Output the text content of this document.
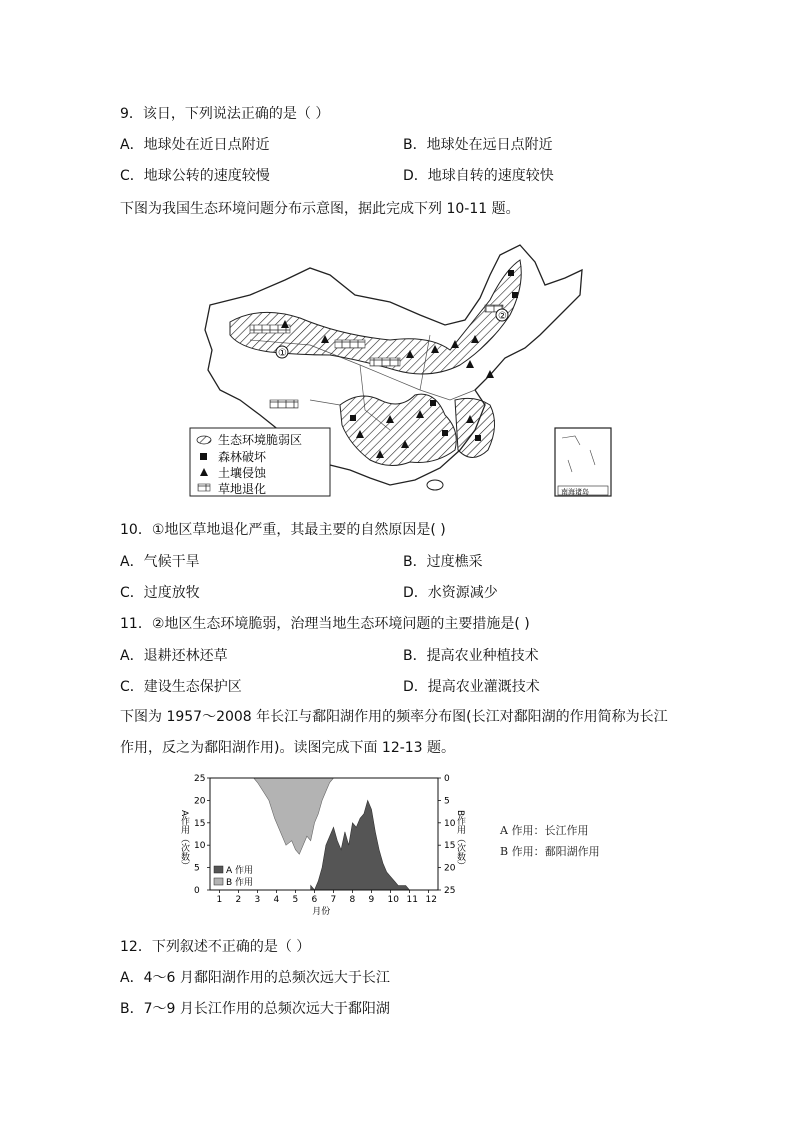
9．该日，下列说法正确的是（ ）
A．地球处在近日点附近	B．地球处在远日点附近
C．地球公转的速度较慢	D．地球自转的速度较快
下图为我国生态环境问题分布示意图，据此完成下列 10-11 题。
①
②
生态环境脆弱区
森林破坏
土壤侵蚀
草地退化	南海诸岛
10．①地区草地退化严重，其最主要的自然原因是( )
A．气候干旱	B．过度樵采
C．过度放牧	D．水资源减少
11．②地区生态环境脆弱，治理当地生态环境问题的主要措施是( )
A．退耕还林还草	B．提高农业种植技术
C．建设生态保护区	D．提高农业灌溉技术
下图为 1957～2008 年长江与鄱阳湖作用的频率分布图(长江对鄱阳湖的作用简称为长江作用，反之为鄱阳湖作用)。读图完成下面 12-13 题。
1 2 3 4 5 6 7 8 9 10 11 12
0
5
10
15
20
25	0
5
10
15
20
25
月份
A作用（次数）	B作用（次数）
A 作用
B 作用
A 作用：长江作用
B 作用：鄱阳湖作用
12．下列叙述不正确的是（ ）
A．4～6 月鄱阳湖作用的总频次远大于长江
B．7～9 月长江作用的总频次远大于鄱阳湖
